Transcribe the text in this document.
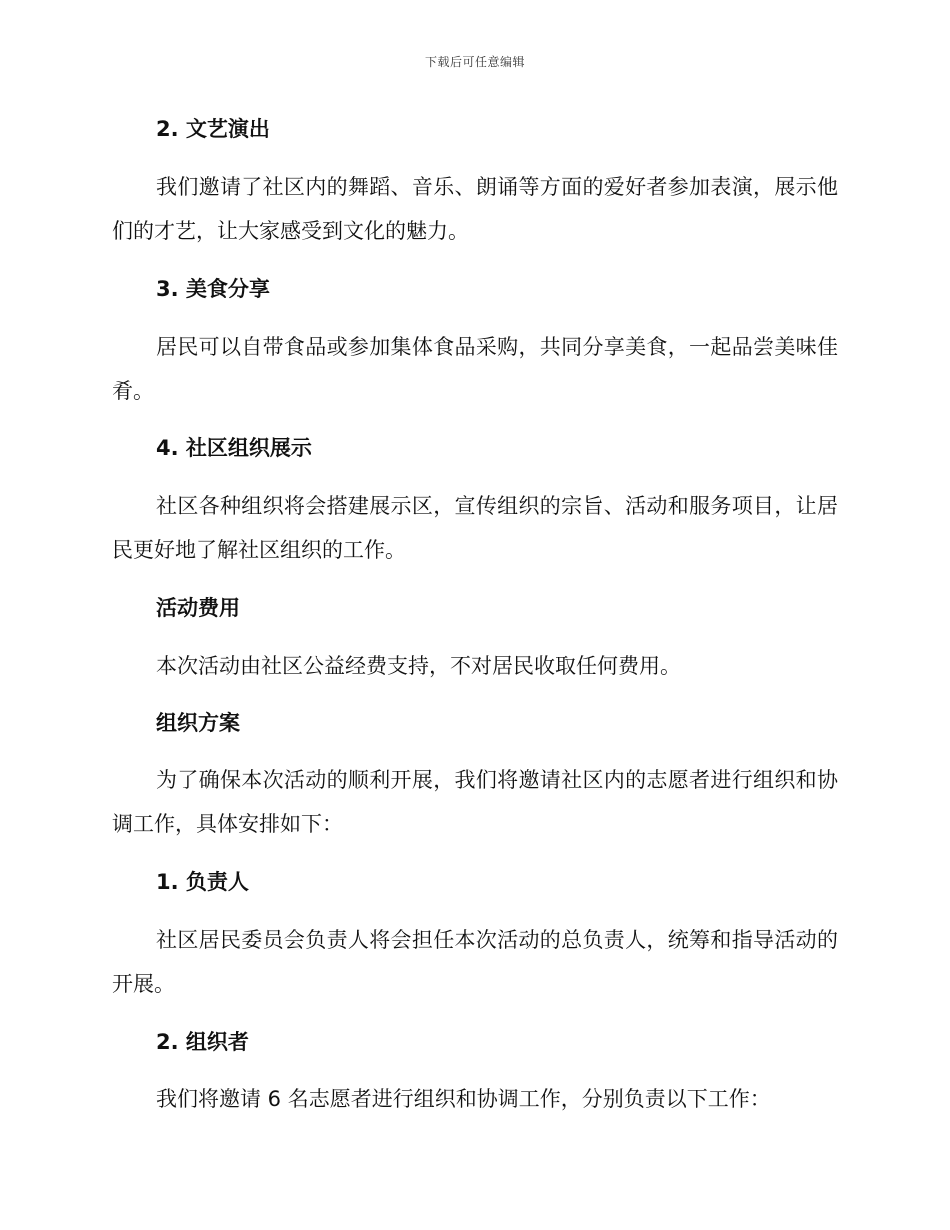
下载后可任意编辑
2. 文艺演出

我们邀请了社区内的舞蹈、音乐、朗诵等方面的爱好者参加表演，展示他们的才艺，让大家感受到文化的魅力。

3. 美食分享

居民可以自带食品或参加集体食品采购，共同分享美食，一起品尝美味佳肴。

4. 社区组织展示

社区各种组织将会搭建展示区，宣传组织的宗旨、活动和服务项目，让居民更好地了解社区组织的工作。

活动费用

本次活动由社区公益经费支持，不对居民收取任何费用。

组织方案

为了确保本次活动的顺利开展，我们将邀请社区内的志愿者进行组织和协调工作，具体安排如下：

1. 负责人

社区居民委员会负责人将会担任本次活动的总负责人，统筹和指导活动的开展。

2. 组织者

我们将邀请 6 名志愿者进行组织和协调工作，分别负责以下工作：
